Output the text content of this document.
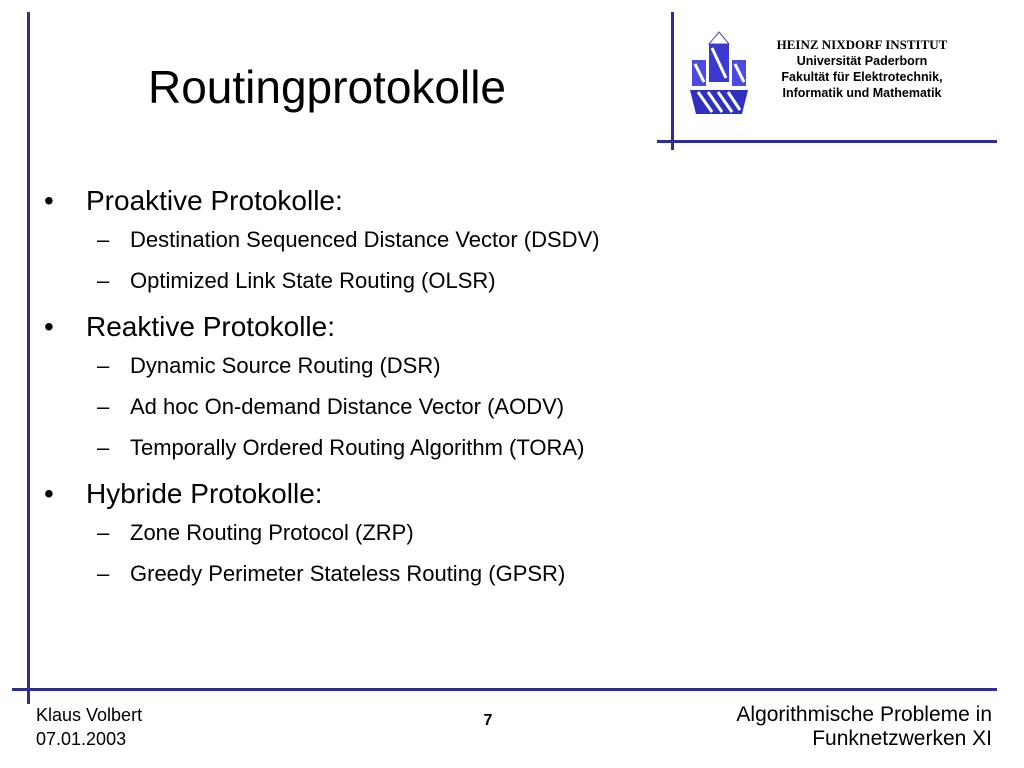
Routingprotokolle
HEINZ NIXDORF INSTITUT
Universität Paderborn
Fakultät für Elektrotechnik,
Informatik und Mathematik
• Proaktive Protokolle:
– Destination Sequenced Distance Vector (DSDV)
– Optimized Link State Routing (OLSR)
• Reaktive Protokolle:
– Dynamic Source Routing (DSR)
– Ad hoc On-demand Distance Vector (AODV)
– Temporally Ordered Routing Algorithm (TORA)
• Hybride Protokolle:
– Zone Routing Protocol (ZRP)
– Greedy Perimeter Stateless Routing (GPSR)
Klaus Volbert
07.01.2003
7	Algorithmische Probleme in
Funknetzwerken XI
